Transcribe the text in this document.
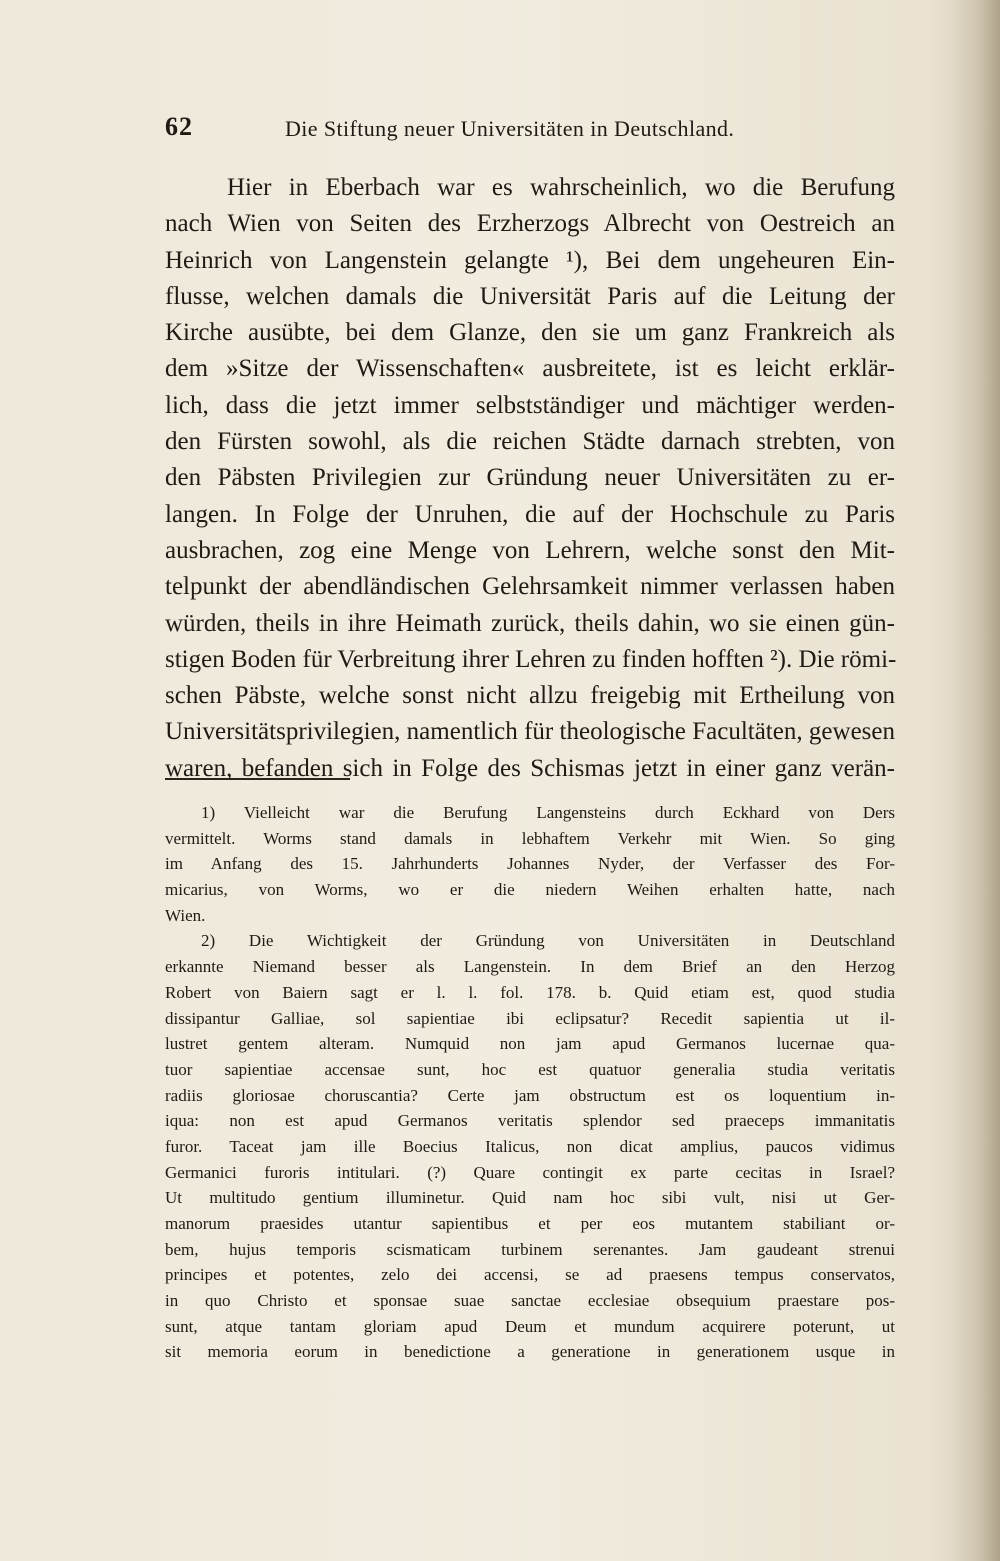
62	Die Stiftung neuer Universitäten in Deutschland.
Hier in Eberbach war es wahrscheinlich, wo die Berufung
nach Wien von Seiten des Erzherzogs Albrecht von Oestreich an
Heinrich von Langenstein gelangte ¹), Bei dem ungeheuren Ein-
flusse, welchen damals die Universität Paris auf die Leitung der
Kirche ausübte, bei dem Glanze, den sie um ganz Frankreich als
dem »Sitze der Wissenschaften« ausbreitete, ist es leicht erklär-
lich, dass die jetzt immer selbstständiger und mächtiger werden-
den Fürsten sowohl, als die reichen Städte darnach strebten, von
den Päbsten Privilegien zur Gründung neuer Universitäten zu er-
langen. In Folge der Unruhen, die auf der Hochschule zu Paris
ausbrachen, zog eine Menge von Lehrern, welche sonst den Mit-
telpunkt der abendländischen Gelehrsamkeit nimmer verlassen haben
würden, theils in ihre Heimath zurück, theils dahin, wo sie einen gün-
stigen Boden für Verbreitung ihrer Lehren zu finden hofften ²). Die römi-
schen Päbste, welche sonst nicht allzu freigebig mit Ertheilung von
Universitätsprivilegien, namentlich für theologische Facultäten, gewesen
waren, befanden sich in Folge des Schismas jetzt in einer ganz verän-
1) Vielleicht war die Berufung Langensteins durch Eckhard von Ders
vermittelt. Worms stand damals in lebhaftem Verkehr mit Wien. So ging
im Anfang des 15. Jahrhunderts Johannes Nyder, der Verfasser des For-
micarius, von Worms, wo er die niedern Weihen erhalten hatte, nach
Wien.
2) Die Wichtigkeit der Gründung von Universitäten in Deutschland
erkannte Niemand besser als Langenstein. In dem Brief an den Herzog
Robert von Baiern sagt er l. l. fol. 178. b. Quid etiam est, quod studia
dissipantur Galliae, sol sapientiae ibi eclipsatur? Recedit sapientia ut il-
lustret gentem alteram. Numquid non jam apud Germanos lucernae qua-
tuor sapientiae accensae sunt, hoc est quatuor generalia studia veritatis
radiis gloriosae choruscantia? Certe jam obstructum est os loquentium in-
iqua: non est apud Germanos veritatis splendor sed praeceps immanitatis
furor. Taceat jam ille Boecius Italicus, non dicat amplius, paucos vidimus
Germanici furoris intitulari. (?) Quare contingit ex parte cecitas in Israel?
Ut multitudo gentium illuminetur. Quid nam hoc sibi vult, nisi ut Ger-
manorum praesides utantur sapientibus et per eos mutantem stabiliant or-
bem, hujus temporis scismaticam turbinem serenantes. Jam gaudeant strenui
principes et potentes, zelo dei accensi, se ad praesens tempus conservatos,
in quo Christo et sponsae suae sanctae ecclesiae obsequium praestare pos-
sunt, atque tantam gloriam apud Deum et mundum acquirere poterunt, ut
sit memoria eorum in benedictione a generatione in generationem usque in
